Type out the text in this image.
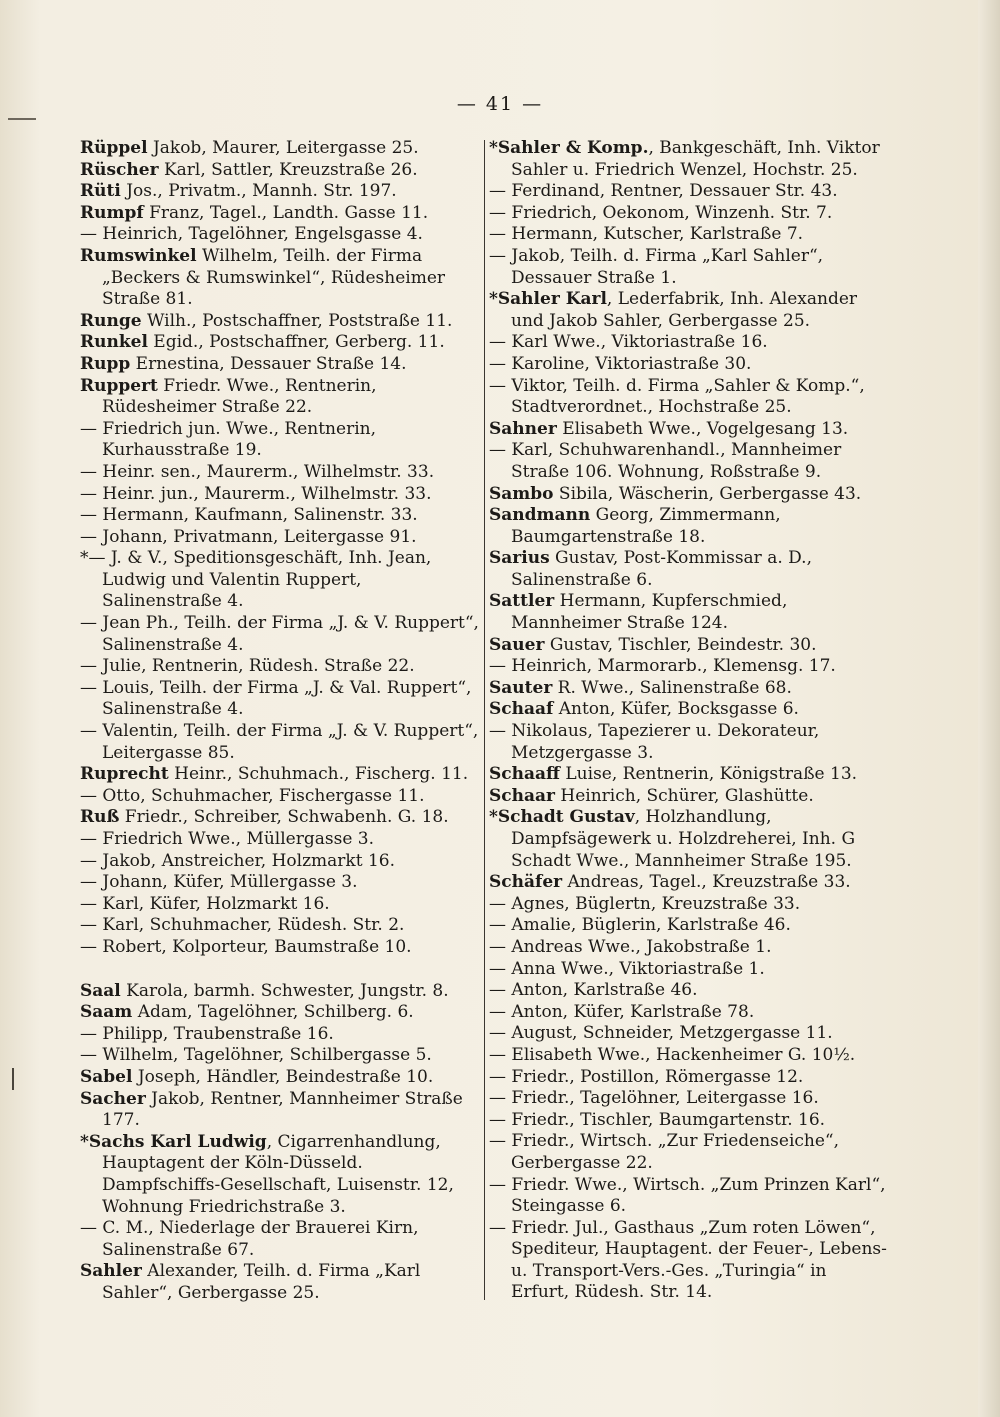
— 41 —
Rüppel Jakob, Maurer, Leitergasse 25.
Rüscher Karl, Sattler, Kreuzstraße 26.
Rüti Jos., Privatm., Mannh. Str. 197.
Rumpf Franz, Tagel., Landth. Gasse 11.
— Heinrich, Tagelöhner, Engelsgasse 4.
Rumswinkel Wilhelm, Teilh. der Firma „Beckers & Rumswinkel“, Rüdesheimer Straße 81.
Runge Wilh., Postschaffner, Poststraße 11.
Runkel Egid., Postschaffner, Gerberg. 11.
Rupp Ernestina, Dessauer Straße 14.
Ruppert Friedr. Wwe., Rentnerin, Rüdesheimer Straße 22.
— Friedrich jun. Wwe., Rentnerin, Kurhausstraße 19.
— Heinr. sen., Maurerm., Wilhelmstr. 33.
— Heinr. jun., Maurerm., Wilhelmstr. 33.
— Hermann, Kaufmann, Salinenstr. 33.
— Johann, Privatmann, Leitergasse 91.
*— J. & V., Speditionsgeschäft, Inh. Jean, Ludwig und Valentin Ruppert, Salinenstraße 4.
— Jean Ph., Teilh. der Firma „J. & V. Ruppert“, Salinenstraße 4.
— Julie, Rentnerin, Rüdesh. Straße 22.
— Louis, Teilh. der Firma „J. & Val. Ruppert“, Salinenstraße 4.
— Valentin, Teilh. der Firma „J. & V. Ruppert“, Leitergasse 85.
Ruprecht Heinr., Schuhmach., Fischerg. 11.
— Otto, Schuhmacher, Fischergasse 11.
Ruß Friedr., Schreiber, Schwabenh. G. 18.
— Friedrich Wwe., Müllergasse 3.
— Jakob, Anstreicher, Holzmarkt 16.
— Johann, Küfer, Müllergasse 3.
— Karl, Küfer, Holzmarkt 16.
— Karl, Schuhmacher, Rüdesh. Str. 2.
— Robert, Kolporteur, Baumstraße 10.
Saal Karola, barmh. Schwester, Jungstr. 8.
Saam Adam, Tagelöhner, Schilberg. 6.
— Philipp, Traubenstraße 16.
— Wilhelm, Tagelöhner, Schilbergasse 5.
Sabel Joseph, Händler, Beindestraße 10.
Sacher Jakob, Rentner, Mannheimer Straße 177.
*Sachs Karl Ludwig, Cigarrenhandlung, Hauptagent der Köln-Düsseld. Dampfschiffs-Gesellschaft, Luisenstr. 12, Wohnung Friedrichstraße 3.
— C. M., Niederlage der Brauerei Kirn, Salinenstraße 67.
Sahler Alexander, Teilh. d. Firma „Karl Sahler“, Gerbergasse 25.
*Sahler & Komp., Bankgeschäft, Inh. Viktor Sahler u. Friedrich Wenzel, Hochstr. 25.
— Ferdinand, Rentner, Dessauer Str. 43.
— Friedrich, Oekonom, Winzenh. Str. 7.
— Hermann, Kutscher, Karlstraße 7.
— Jakob, Teilh. d. Firma „Karl Sahler“, Dessauer Straße 1.
*Sahler Karl, Lederfabrik, Inh. Alexander und Jakob Sahler, Gerbergasse 25.
— Karl Wwe., Viktoriastraße 16.
— Karoline, Viktoriastraße 30.
— Viktor, Teilh. d. Firma „Sahler & Komp.“, Stadtverordnet., Hochstraße 25.
Sahner Elisabeth Wwe., Vogelgesang 13.
— Karl, Schuhwarenhandl., Mannheimer Straße 106. Wohnung, Roßstraße 9.
Sambo Sibila, Wäscherin, Gerbergasse 43.
Sandmann Georg, Zimmermann, Baumgartenstraße 18.
Sarius Gustav, Post-Kommissar a. D., Salinenstraße 6.
Sattler Hermann, Kupferschmied, Mannheimer Straße 124.
Sauer Gustav, Tischler, Beindestr. 30.
— Heinrich, Marmorarb., Klemensg. 17.
Sauter R. Wwe., Salinenstraße 68.
Schaaf Anton, Küfer, Bocksgasse 6.
— Nikolaus, Tapezierer u. Dekorateur, Metzgergasse 3.
Schaaff Luise, Rentnerin, Königstraße 13.
Schaar Heinrich, Schürer, Glashütte.
*Schadt Gustav, Holzhandlung, Dampfsägewerk u. Holzdreherei, Inh. G Schadt Wwe., Mannheimer Straße 195.
Schäfer Andreas, Tagel., Kreuzstraße 33.
— Agnes, Büglertn, Kreuzstraße 33.
— Amalie, Büglerin, Karlstraße 46.
— Andreas Wwe., Jakobstraße 1.
— Anna Wwe., Viktoriastraße 1.
— Anton, Karlstraße 46.
— Anton, Küfer, Karlstraße 78.
— August, Schneider, Metzgergasse 11.
— Elisabeth Wwe., Hackenheimer G. 10½.
— Friedr., Postillon, Römergasse 12.
— Friedr., Tagelöhner, Leitergasse 16.
— Friedr., Tischler, Baumgartenstr. 16.
— Friedr., Wirtsch. „Zur Friedenseiche“, Gerbergasse 22.
— Friedr. Wwe., Wirtsch. „Zum Prinzen Karl“, Steingasse 6.
— Friedr. Jul., Gasthaus „Zum roten Löwen“, Spediteur, Hauptagent. der Feuer-, Lebens- u. Transport-Vers.-Ges. „Turingia“ in Erfurt, Rüdesh. Str. 14.
